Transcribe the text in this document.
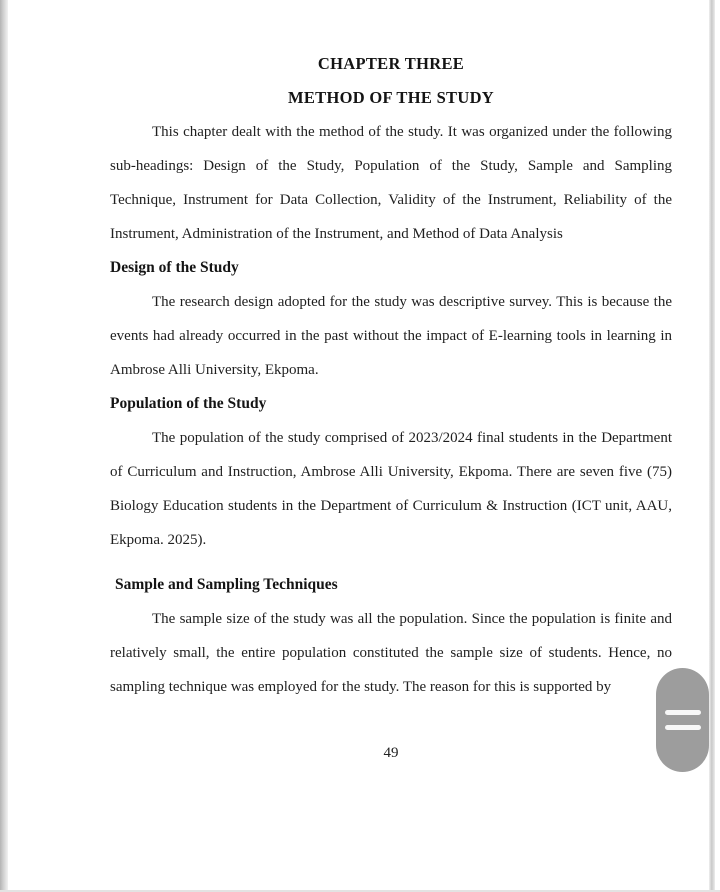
CHAPTER THREE
METHOD OF THE STUDY

This chapter dealt with the method of the study. It was organized under the following sub-headings: Design of the Study, Population of the Study, Sample and Sampling Technique, Instrument for Data Collection, Validity of the Instrument, Reliability of the Instrument, Administration of the Instrument, and Method of Data Analysis

Design of the Study

The research design adopted for the study was descriptive survey. This is because the events had already occurred in the past without the impact of E-learning tools in learning in Ambrose Alli University, Ekpoma.

Population of the Study

The population of the study comprised of 2023/2024 final students in the Department of Curriculum and Instruction, Ambrose Alli University, Ekpoma. There are seven five (75) Biology Education students in the Department of Curriculum & Instruction (ICT unit, AAU, Ekpoma. 2025).

Sample and Sampling Techniques

The sample size of the study was all the population. Since the population is finite and relatively small, the entire population constituted the sample size of students. Hence, no sampling technique was employed for the study. The reason for this is supported by

49
